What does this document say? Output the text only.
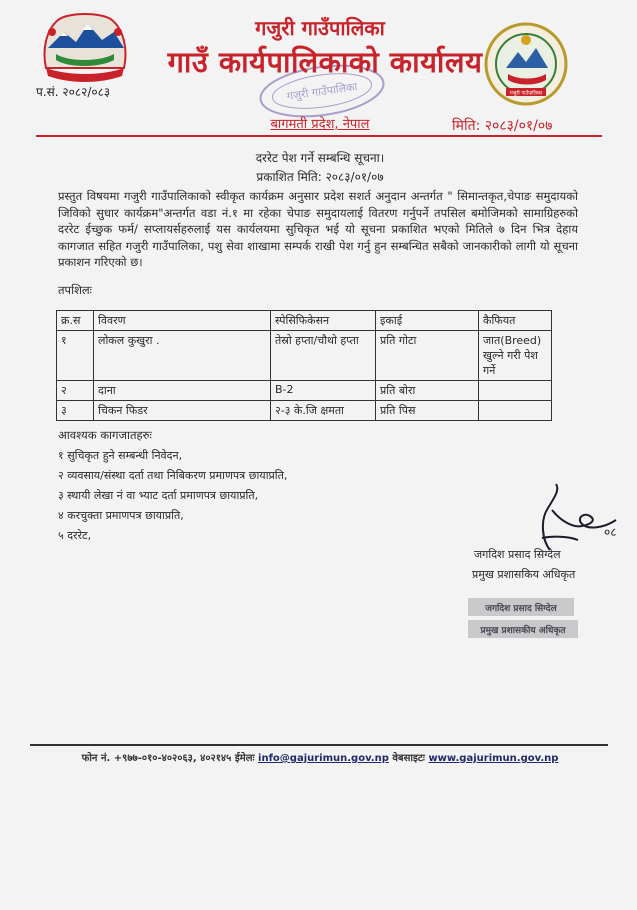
गजुरी गाउँपालिका
गजुरी गाउँपालिका
गजुरी गाउँपालिका
गाउँ कार्यपालिकाको कार्यालय
प.सं. २०८२/०८३
बागमती प्रदेश, नेपाल	मिति: २०८३/०१/०७
दररेट पेश गर्ने सम्बन्धि सूचना।
प्रकाशित मिति: २०८३/०१/०७
प्रस्तुत विषयमा गजुरी गाउँपालिकाको स्वीकृत कार्यक्रम अनुसार प्रदेश सशर्त अनुदान अन्तर्गत " सिमान्तकृत,चेपाङ समुदायको जिविको सुधार कार्यक्रम"अन्तर्गत वडा नं.१ मा रहेका चेपाङ समुदायलाई वितरण गर्नुपर्ने तपसिल बमोजिमको सामाग्रिहरुको दररेट ईच्छुक फर्म/ सप्लायर्सहरुलाई यस कार्यलयमा सुचिकृत भई यो सूचना प्रकाशित भएको मितिले ७ दिन भित्र देहाय कागजात सहित गजुरी गाउँपालिका, पशु सेवा शाखामा सम्पर्क राखी पेश गर्नु हुन सम्बन्धित सबैको जानकारीको लागी यो सूचना प्रकाशन गरिएको छ।
तपशिलः
क्र.स	विवरण	स्पेसिफिकेसन	इकाई	कैफियत
१	लोकल कुखुरा .	तेस्रो हप्ता/चौथो हप्ता	प्रति गोटा	जात(Breed) खुल्ने गरी पेश गर्ने
२	दाना	B-2	प्रति बोरा	
३	चिकन फिडर	२-३ के.जि क्षमता	प्रति पिस	
आवश्यक कागजातहरुः
१ सुचिकृत हुने सम्बन्धी निवेदन,
२ व्यवसाय/संस्था दर्ता तथा निबिकरण प्रमाणपत्र छायाप्रति,
३ स्थायी लेखा नं वा भ्याट दर्ता प्रमाणपत्र छायाप्रति,
४ करचुक्ता प्रमाणपत्र छायाप्रति,
५ दररेट,	०८
जगदिश प्रसाद सिग्देल
प्रमुख प्रशासकिय अधिकृत
जगदिश प्रसाद सिग्देल
प्रमुख प्रशासकीय अधिकृत
फोन नं. +९७७-०१०-४०२०६३, ४०२१४५ ईमेलः info@gajurimun.gov.np वेबसाइटः www.gajurimun.gov.np
